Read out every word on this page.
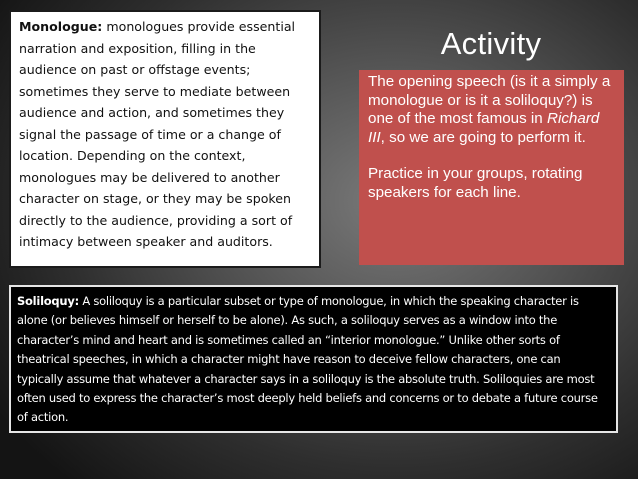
Monologue: monologues provide essential narration and exposition, filling in the audience on past or offstage events; sometimes they serve to mediate between audience and action, and sometimes they signal the passage of time or a change of location. Depending on the context, monologues may be delivered to another character on stage, or they may be spoken directly to the audience, providing a sort of intimacy between speaker and auditors.
Activity

The opening speech (is it a simply a monologue or is it a soliloquy?) is one of the most famous in Richard III, so we are going to perform it.

Practice in your groups, rotating speakers for each line.

Soliloquy: A soliloquy is a particular subset or type of monologue, in which the speaking character is alone (or believes himself or herself to be alone). As such, a soliloquy serves as a window into the character’s mind and heart and is sometimes called an “interior monologue.” Unlike other sorts of theatrical speeches, in which a character might have reason to deceive fellow characters, one can typically assume that whatever a character says in a soliloquy is the absolute truth. Soliloquies are most often used to express the character’s most deeply held beliefs and concerns or to debate a future course of action.
